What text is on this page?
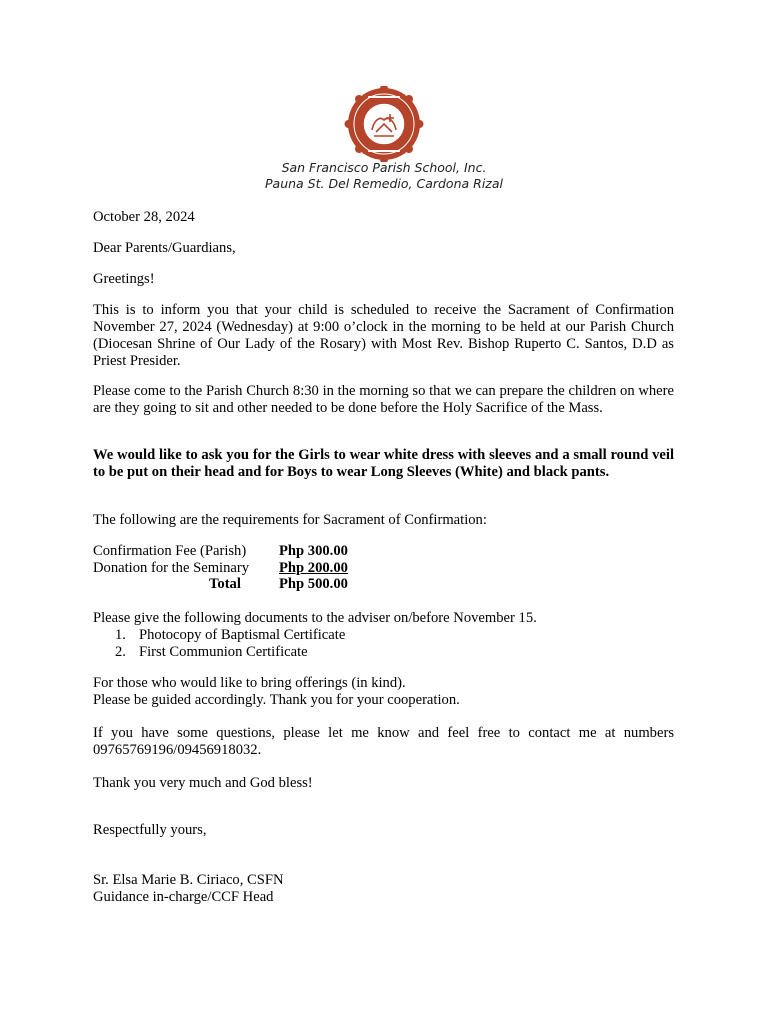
San Francisco Parish School, Inc.
Pauna St. Del Remedio, Cardona Rizal

October 28, 2024

Dear Parents/Guardians,

Greetings!

This is to inform you that your child is scheduled to receive the Sacrament of Confirmation November 27, 2024 (Wednesday) at 9:00 o’clock in the morning to be held at our Parish Church (Diocesan Shrine of Our Lady of the Rosary) with Most Rev. Bishop Ruperto C. Santos, D.D as Priest Presider.

Please come to the Parish Church 8:30 in the morning so that we can prepare the children on where are they going to sit and other needed to be done before the Holy Sacrifice of the Mass.

We would like to ask you for the Girls to wear white dress with sleeves and a small round veil to be put on their head and for Boys to wear Long Sleeves (White) and black pants.

The following are the requirements for Sacrament of Confirmation:

Confirmation Fee (Parish) Php 300.00
Donation for the Seminary Php 200.00
Total	Php 500.00

Please give the following documents to the adviser on/before November 15.

1. Photocopy of Baptismal Certificate
2. First Communion Certificate

For those who would like to bring offerings (in kind).

Please be guided accordingly. Thank you for your cooperation.

If you have some questions, please let me know and feel free to contact me at numbers 09765769196/09456918032.

Thank you very much and God bless!

Respectfully yours,

Sr. Elsa Marie B. Ciriaco, CSFN

Guidance in-charge/CCF Head
